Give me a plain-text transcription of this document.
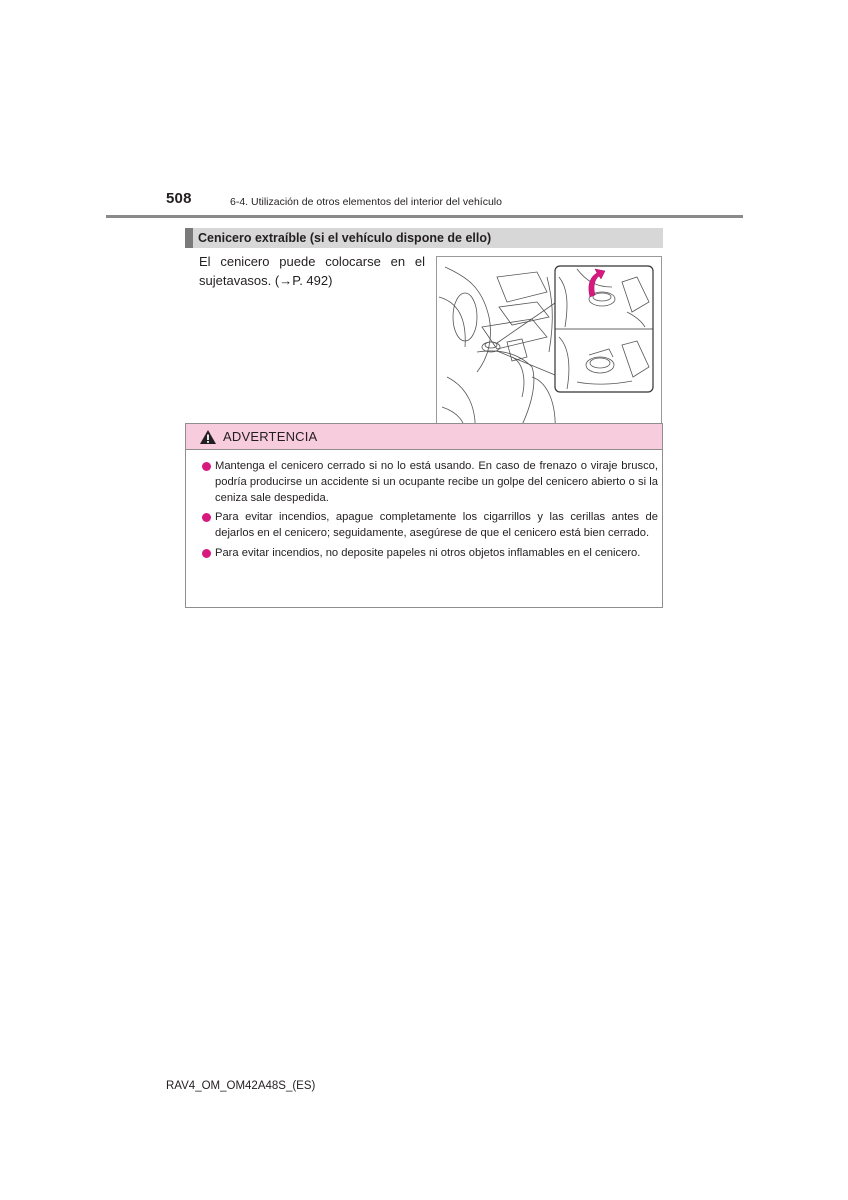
508	6-4. Utilización de otros elementos del interior del vehículo
Cenicero extraíble (si el vehículo dispone de ello)
El cenicero puede colocarse en el sujetavasos. (→P. 492)
ADVERTENCIA
Mantenga el cenicero cerrado si no lo está usando. En caso de frenazo o viraje brusco, podría producirse un accidente si un ocupante recibe un golpe del cenicero abierto o si la ceniza sale despedida.
Para evitar incendios, apague completamente los cigarrillos y las cerillas antes de dejarlos en el cenicero; seguidamente, asegúrese de que el cenicero está bien cerrado.
Para evitar incendios, no deposite papeles ni otros objetos inflamables en el cenicero.
RAV4_OM_OM42A48S_(ES)
